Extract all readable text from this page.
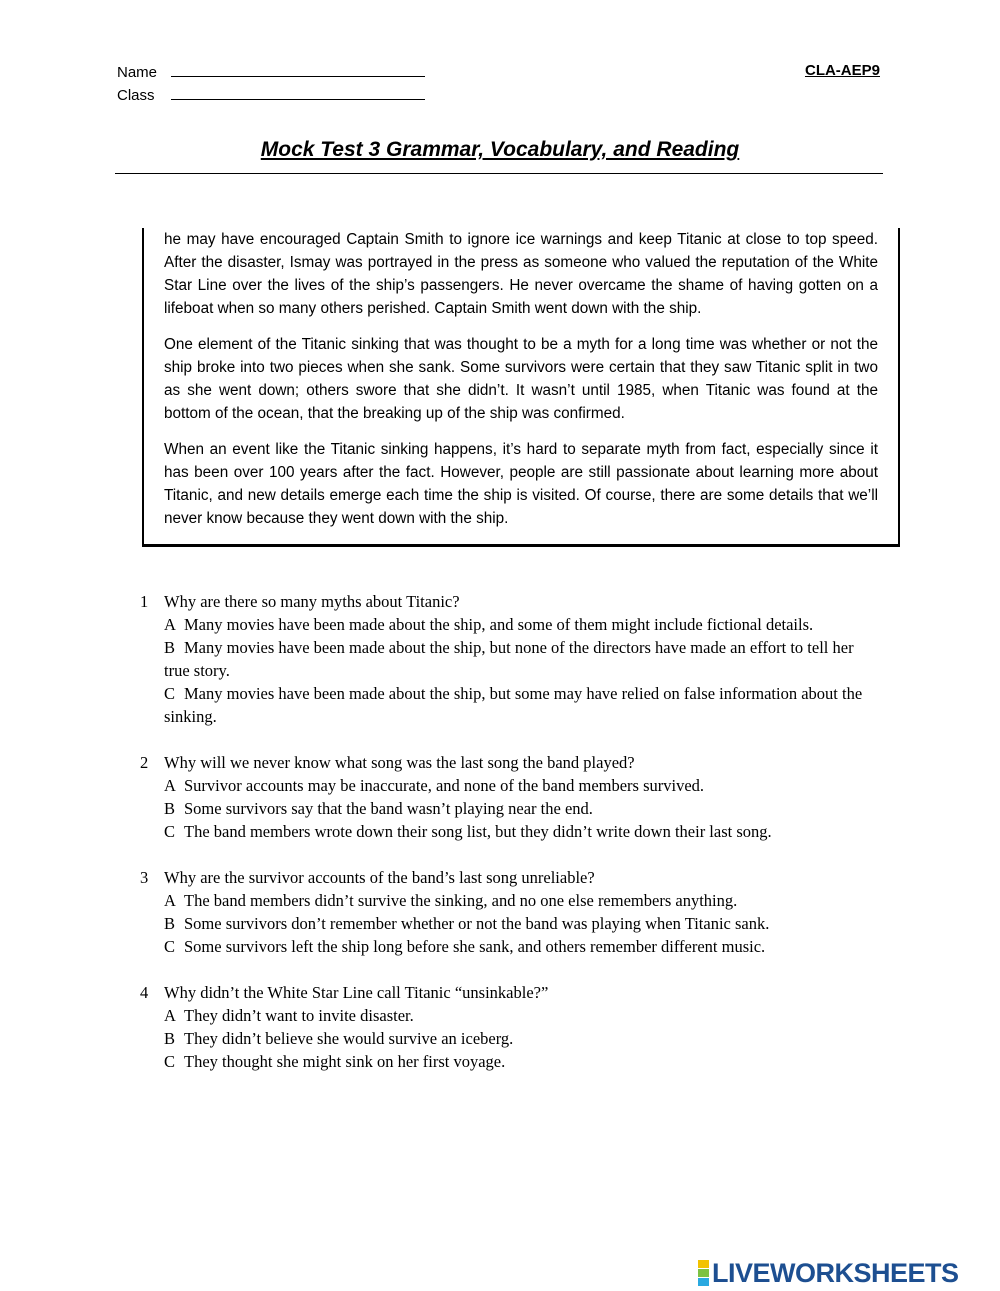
Name
Class
CLA-AEP9
Mock Test 3 Grammar, Vocabulary, and Reading

he may have encouraged Captain Smith to ignore ice warnings and keep Titanic at close to top speed. After the disaster, Ismay was portrayed in the press as someone who valued the reputation of the White Star Line over the lives of the ship’s passengers. He never overcame the shame of having gotten on a lifeboat when so many others perished. Captain Smith went down with the ship.

One element of the Titanic sinking that was thought to be a myth for a long time was whether or not the ship broke into two pieces when she sank. Some survivors were certain that they saw Titanic split in two as she went down; others swore that she didn’t. It wasn’t until 1985, when Titanic was found at the bottom of the ocean, that the breaking up of the ship was confirmed.

When an event like the Titanic sinking happens, it’s hard to separate myth from fact, especially since it has been over 100 years after the fact. However, people are still passionate about learning more about Titanic, and new details emerge each time the ship is visited. Of course, there are some details that we’ll never know because they went down with the ship.

1 Why are there so many myths about Titanic?
A Many movies have been made about the ship, and some of them might include fictional details.
B Many movies have been made about the ship, but none of the directors have made an effort to tell her true story.
C Many movies have been made about the ship, but some may have relied on false information about the sinking.
2 Why will we never know what song was the last song the band played?
A Survivor accounts may be inaccurate, and none of the band members survived.
B Some survivors say that the band wasn’t playing near the end.
C The band members wrote down their song list, but they didn’t write down their last song.
3 Why are the survivor accounts of the band’s last song unreliable?
A The band members didn’t survive the sinking, and no one else remembers anything.
B Some survivors don’t remember whether or not the band was playing when Titanic sank.
C Some survivors left the ship long before she sank, and others remember different music.
4 Why didn’t the White Star Line call Titanic “unsinkable?”
A They didn’t want to invite disaster.
B They didn’t believe she would survive an iceberg.
C They thought she might sink on her first voyage.
LIVEWORKSHEETS
